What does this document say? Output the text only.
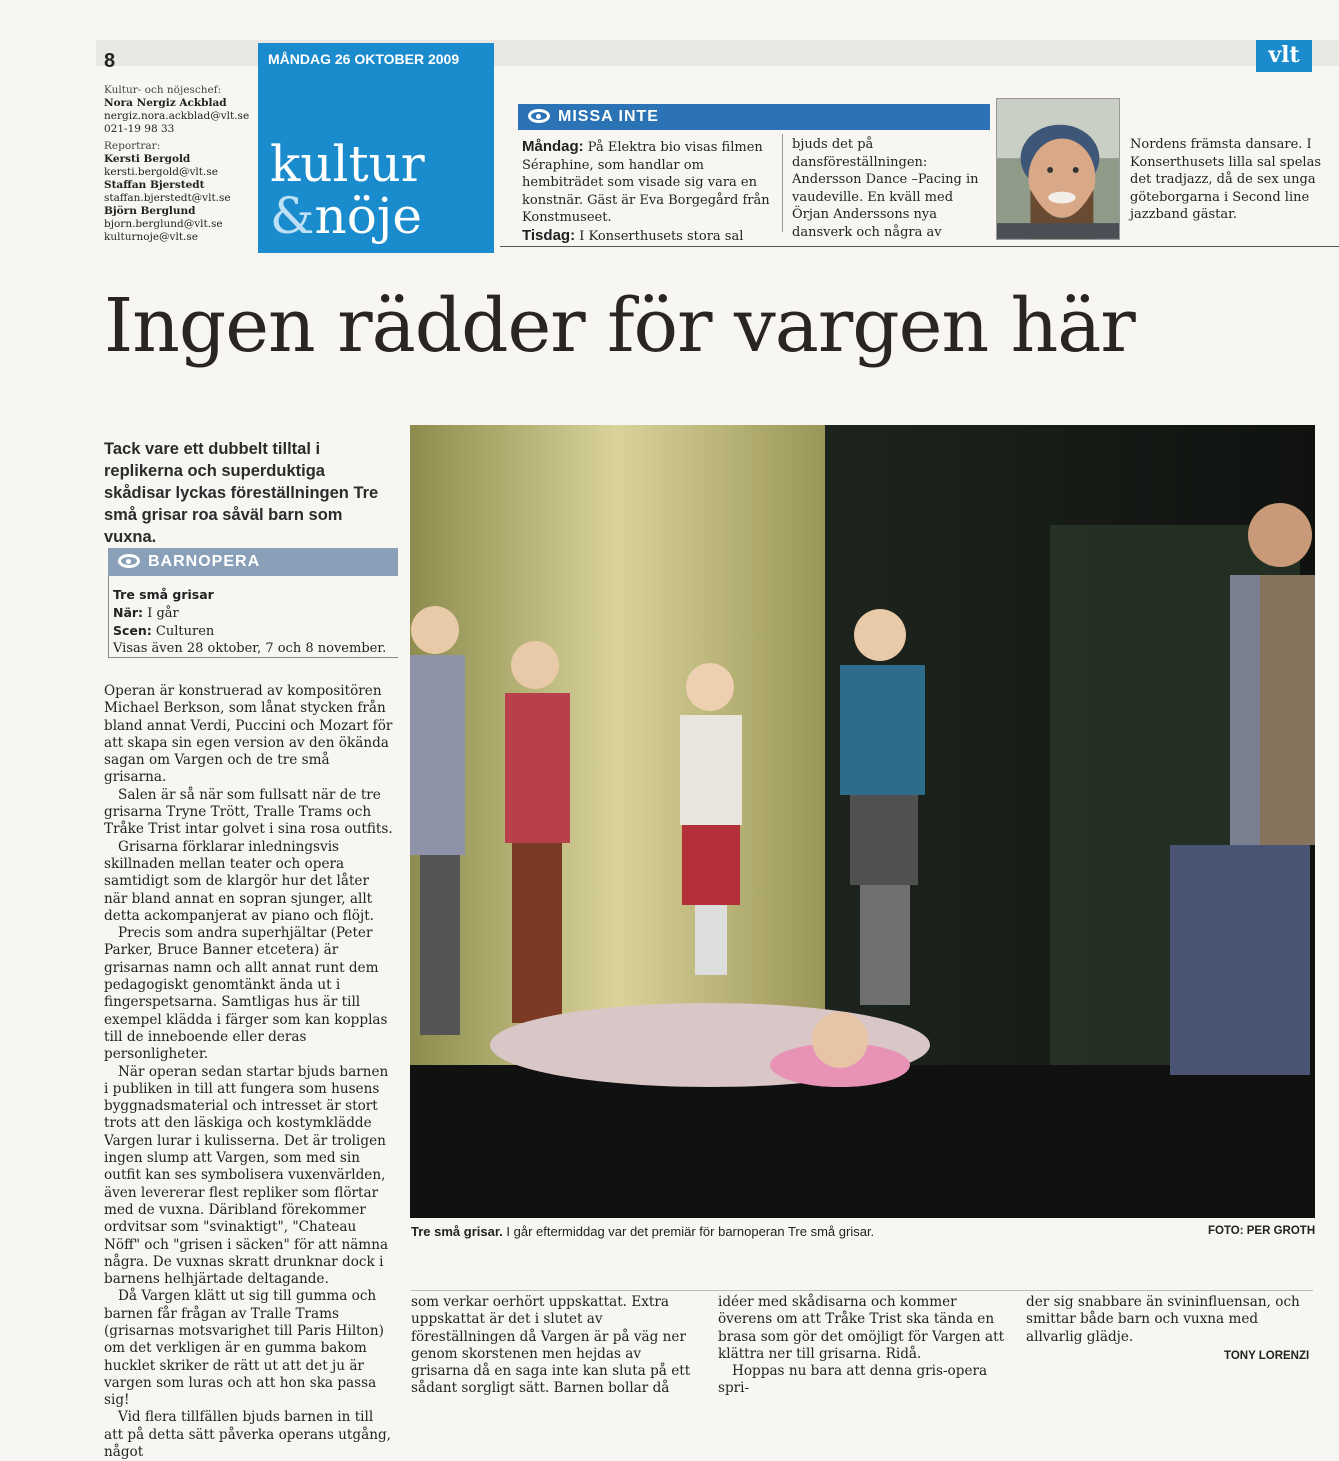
8	MÅNDAG 26 OKTOBER 2009
kultur
&nöje
vlt
Kultur- och nöjeschef:
Nora Nergiz Ackblad
nergiz.nora.ackblad@vlt.se
021-19 98 33
Reportrar:
Kersti Bergold
kersti.bergold@vlt.se
Staffan Bjerstedt
staffan.bjerstedt@vlt.se
Björn Berglund
bjorn.berglund@vlt.se
kulturnoje@vlt.se
MISSA INTE
Måndag: På Elektra bio visas filmen Séraphine, som handlar om hembiträdet som visade sig vara en konstnär. Gäst är Eva Borgegård från Konstmuseet.
Tisdag: I Konserthusets stora sal
bjuds det på dansföreställningen: Andersson Dance –Pacing in vaudeville. En kväll med Örjan Anderssons nya dansverk och några av
Nordens främsta dansare. I Konserthusets lilla sal spelas det tradjazz, då de sex unga göteborgarna i Second line jazzband gästar.
Ingen rädder för vargen här
Tack vare ett dubbelt tilltal i replikerna och superduktiga skådisar lyckas föreställningen Tre små grisar roa såväl barn som vuxna.
BARNOPERA
Tre små grisar
När: I går
Scen: Culturen
Visas även 28 oktober, 7 och 8 november.

Operan är konstruerad av kompositören Michael Berkson, som lånat stycken från bland annat Verdi, Puccini och Mozart för att skapa sin egen version av den ökända sagan om Vargen och de tre små grisarna.

Salen är så när som fullsatt när de tre grisarna Tryne Trött, Tralle Trams och Tråke Trist intar golvet i sina rosa outfits.

Grisarna förklarar inledningsvis skillnaden mellan teater och opera samtidigt som de klargör hur det låter när bland annat en sopran sjunger, allt detta ackompanjerat av piano och flöjt.

Precis som andra superhjältar (Peter Parker, Bruce Banner etcetera) är grisarnas namn och allt annat runt dem pedagogiskt genomtänkt ända ut i fingerspetsarna. Samtligas hus är till exempel klädda i färger som kan kopplas till de inneboende eller deras personligheter.

När operan sedan startar bjuds barnen i publiken in till att fungera som husens byggnadsmaterial och intresset är stort trots att den läskiga och kostymklädde Vargen lurar i kulisserna. Det är troligen ingen slump att Vargen, som med sin outfit kan ses symbolisera vuxenvärlden, även levererar flest repliker som flörtar med de vuxna. Däribland förekommer ordvitsar som "svinaktigt", "Chateau Nöff" och "grisen i säcken" för att nämna några. De vuxnas skratt drunknar dock i barnens helhjärtade deltagande.

Då Vargen klätt ut sig till gumma och barnen får frågan av Tralle Trams (grisarnas motsvarighet till Paris Hilton) om det verkligen är en gumma bakom hucklet skriker de rätt ut att det ju är vargen som luras och att hon ska passa sig!

Vid flera tillfällen bjuds barnen in till att på detta sätt påverka operans utgång, något

Tre små grisar. I går eftermiddag var det premiär för barnoperan Tre små grisar.	FOTO: PER GROTH
som verkar oerhört uppskattat. Extra uppskattat är det i slutet av föreställningen då Vargen är på väg ner genom skorstenen men hejdas av grisarna då en saga inte kan sluta på ett sådant sorgligt sätt. Barnen bollar då

idéer med skådisarna och kommer överens om att Tråke Trist ska tända en brasa som gör det omöjligt för Vargen att klättra ner till grisarna. Ridå.

Hoppas nu bara att denna gris-opera spri-

der sig snabbare än svininfluensan, och smittar både barn och vuxna med allvarlig glädje.
TONY LORENZI
